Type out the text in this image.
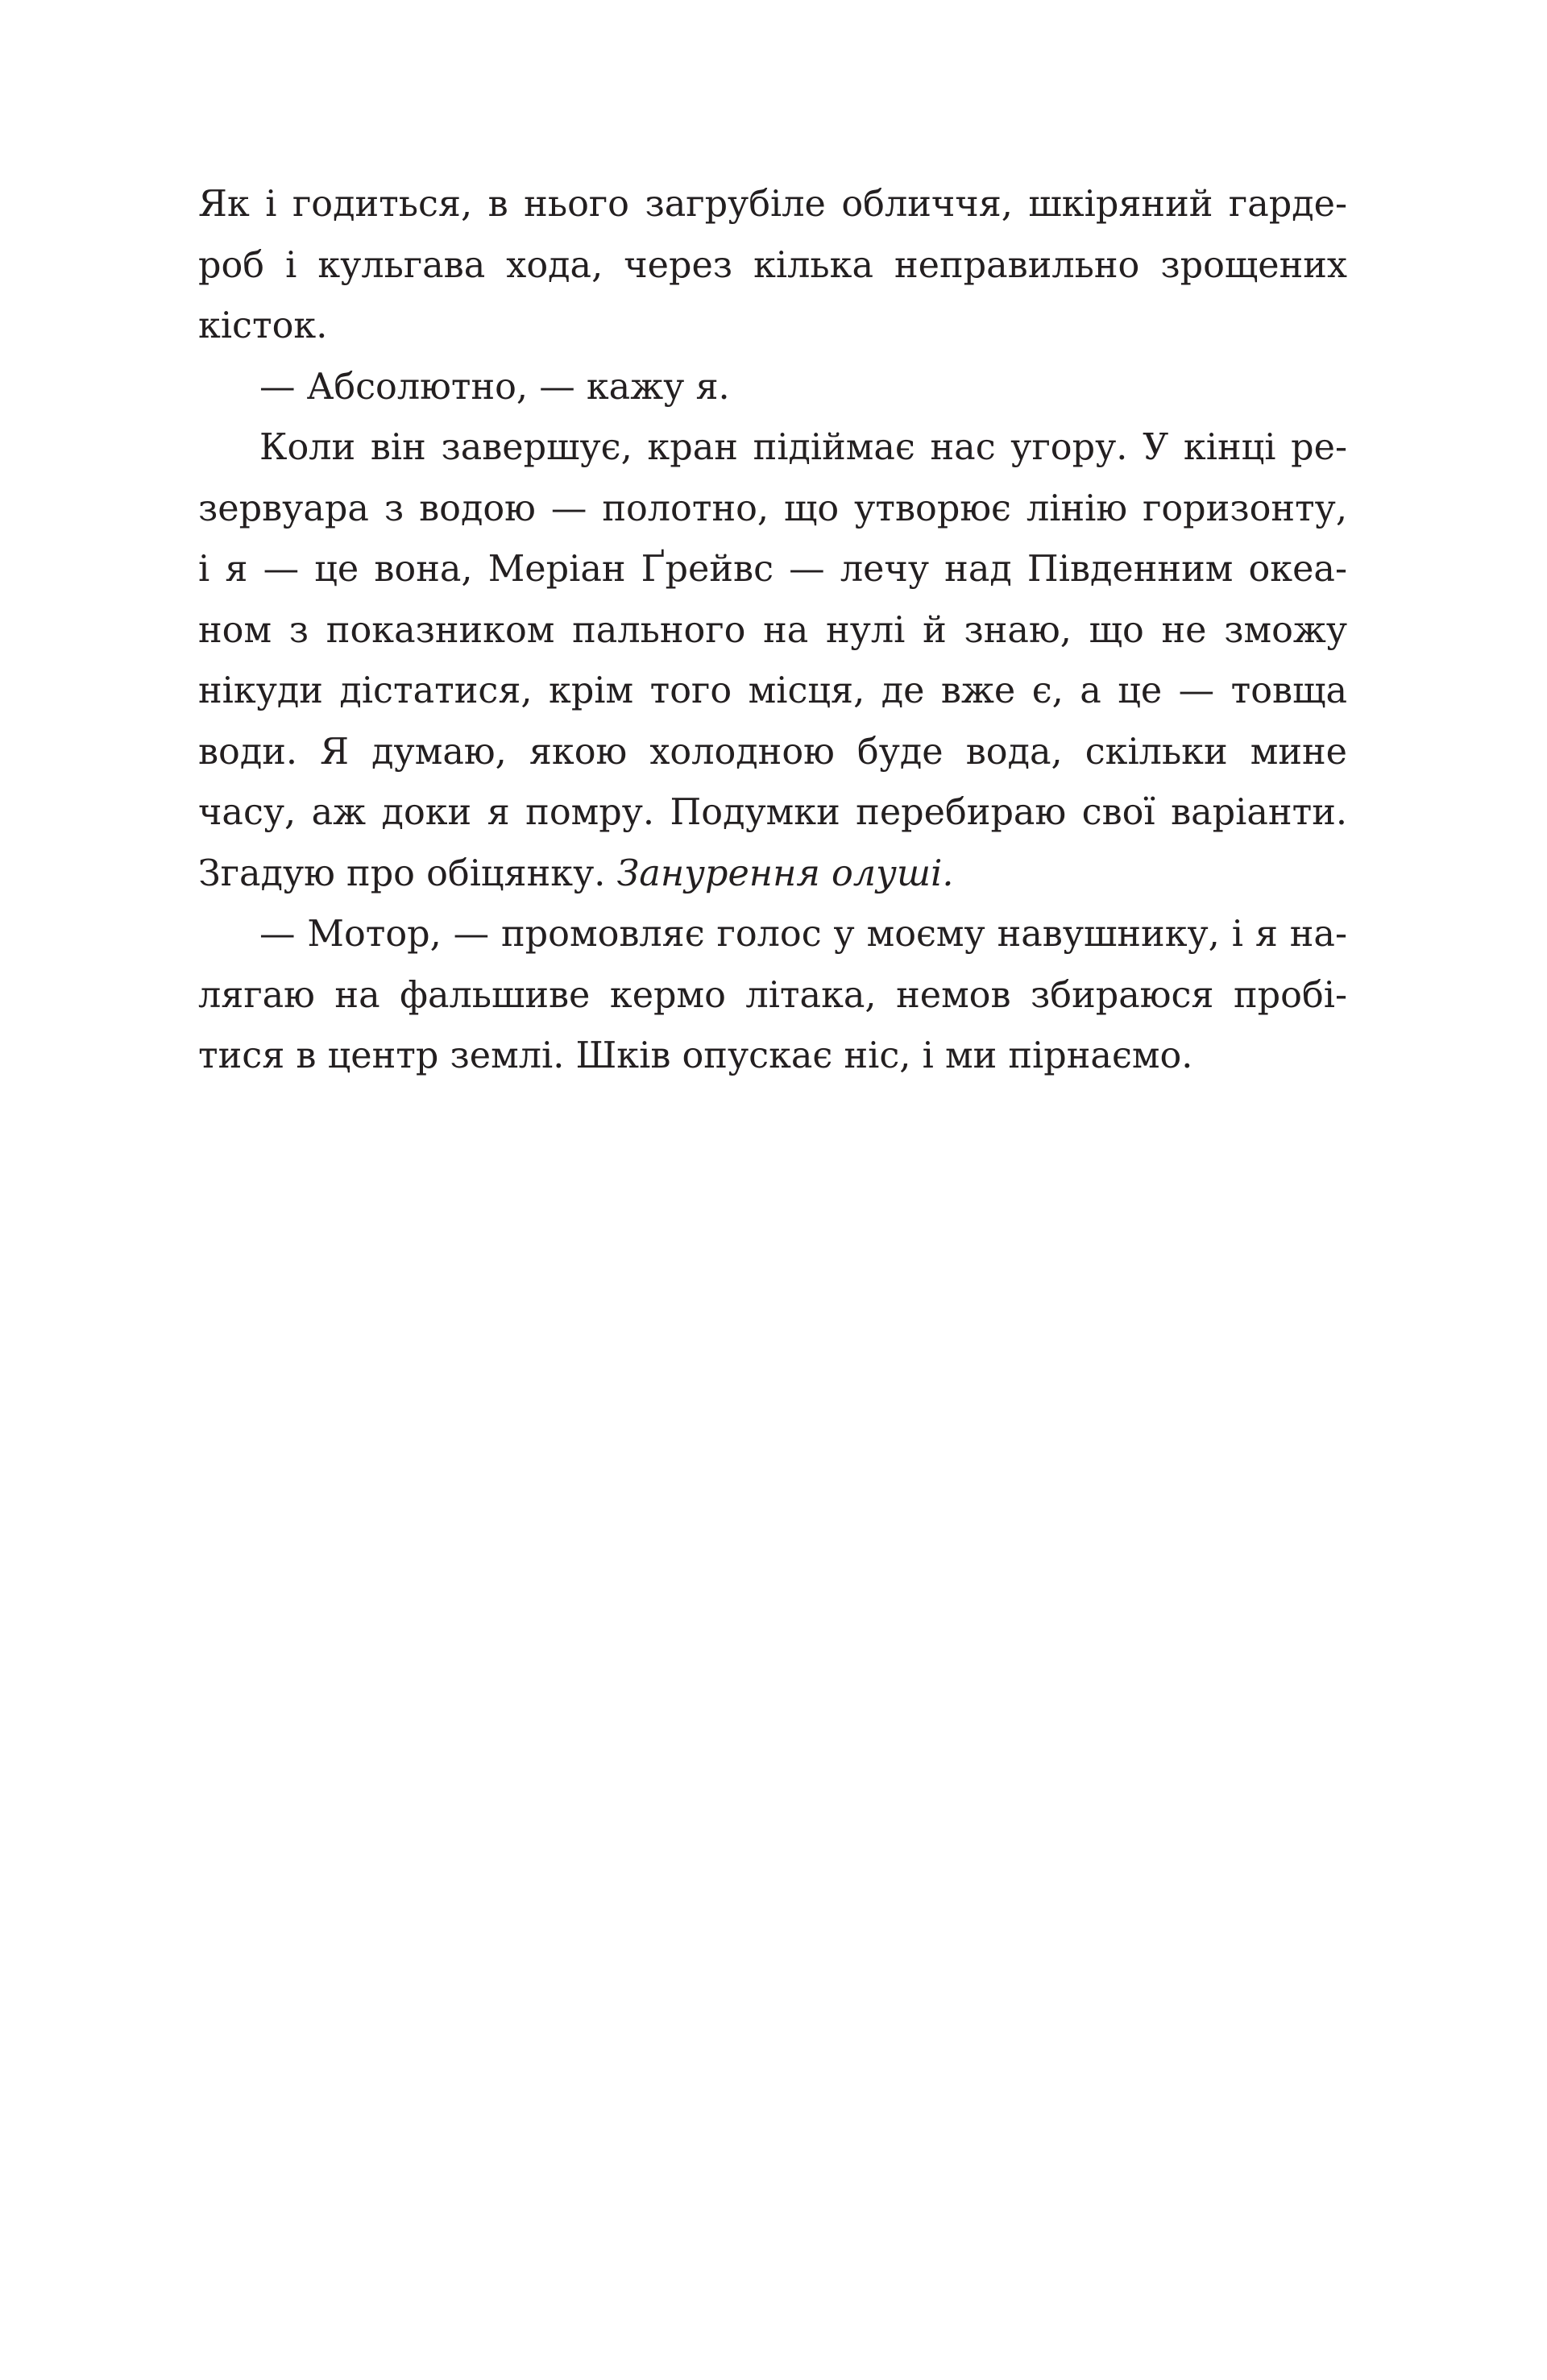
Як і годиться, в нього загрубіле обличчя, шкіряний гарде-
роб і кульгава хода, через кілька неправильно зрощених
кісток.
— Абсолютно, — кажу я.
Коли він завершує, кран підіймає нас угору. У кінці ре-
зервуара з водою — полотно, що утворює лінію горизонту,
і я — це вона, Меріан Ґрейвс — лечу над Південним океа-
ном з показником пального на нулі й знаю, що не зможу
нікуди дістатися, крім того місця, де вже є, а це — товща
води. Я думаю, якою холодною буде вода, скільки мине
часу, аж доки я помру. Подумки перебираю свої варіанти.
Згадую про обіцянку. Занурення олуші.
— Мотор, — промовляє голос у моєму навушнику, і я на-
лягаю на фальшиве кермо літака, немов збираюся пробі-
тися в центр землі. Шків опускає ніс, і ми пірнаємо.
